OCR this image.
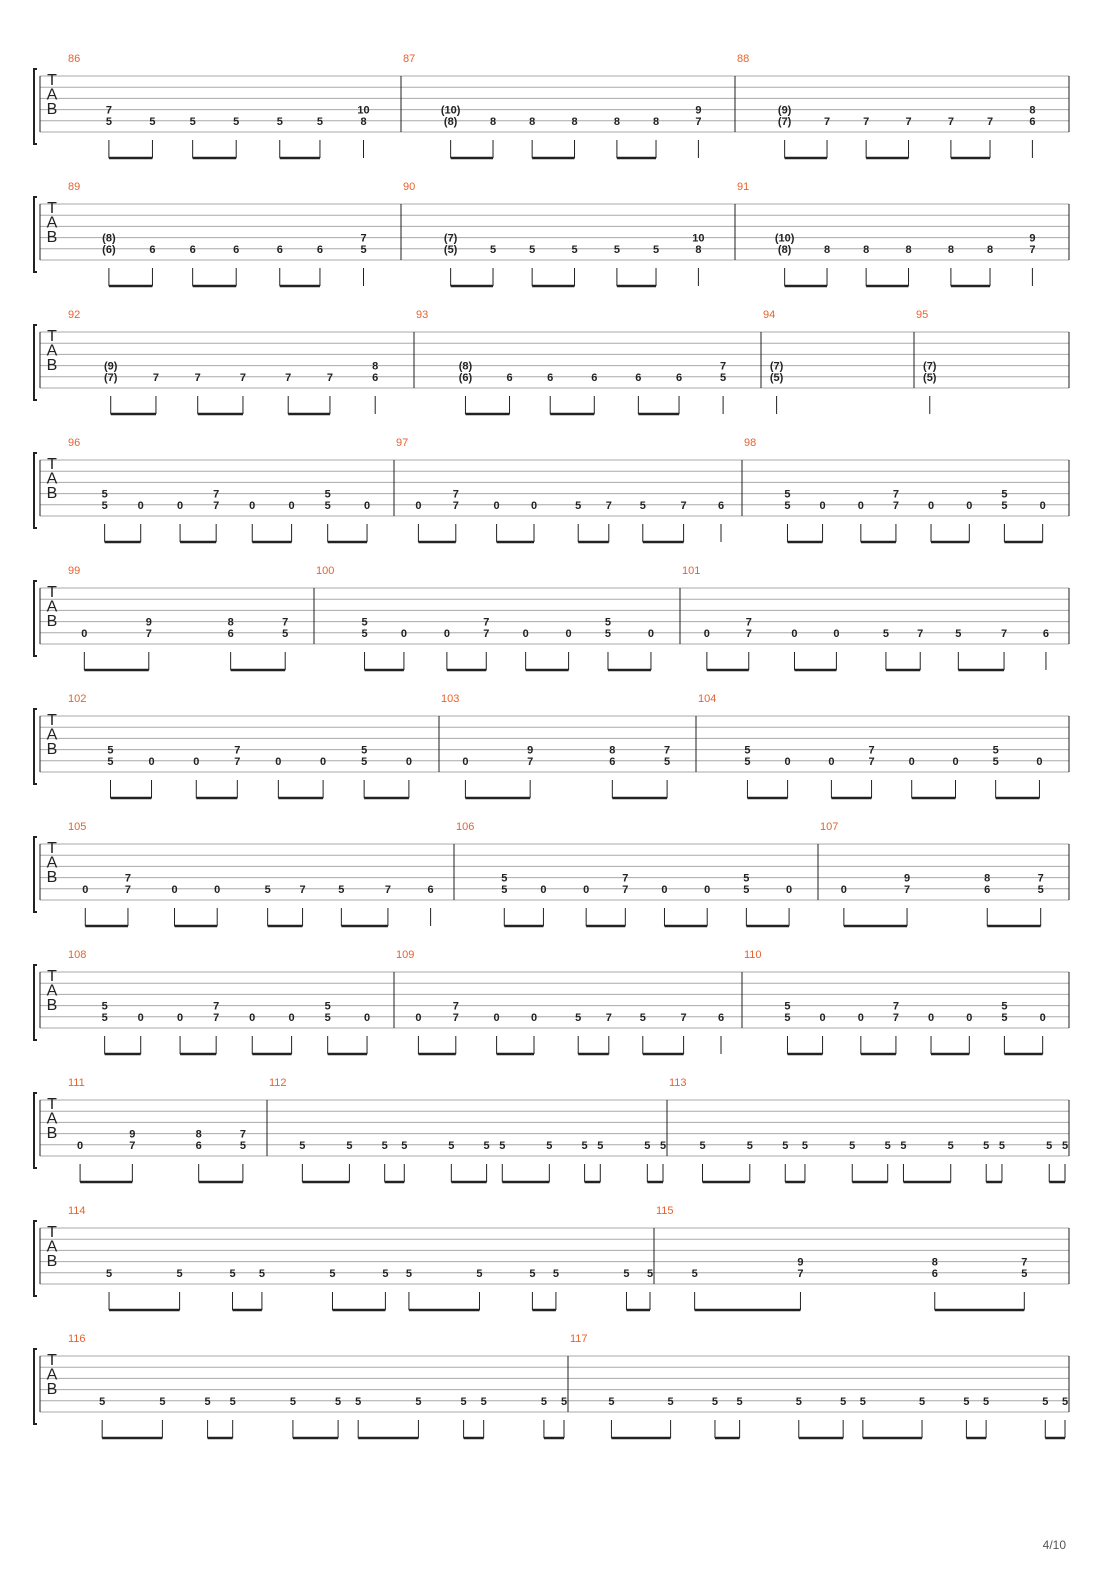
T
A
B
86
7
5	5	5	5	5	5
10
8
87
(10)
(8)	8	8	8	8	8
9
7
88
(9)
(7)	7	7	7	7	7
8
6
T
A
B
89
(8)
(6)	6	6	6	6	6
7
5
90
(7)
(5)	5	5	5	5	5
10
8
91
(10)
(8)	8	8	8	8	8
9
7
T
A
B
92
(9)
(7)	7	7	7	7	7
8
6
93
(8)
(6)	6	6	6	6	6
7
5
94
(7)
(5)
95
(7)
(5)
T
A
B
96
5
5	0	0
7
7	0	0
5
5	0
97
0
7
7	0	0	5 7	5	7	6
98
5
5	0	0
7
7	0	0
5
5	0
T
A
B
99
0
9
7
8
6
7
5
100
5
5	0	0
7
7	0	0
5
5	0
101
0
7
7	0	0	5	7	5	7	6
T
A
B
102
5
5	0	0
7
7	0	0
5
5	0
103
0
9
7
8
6
7
5
104
5
5	0	0
7
7	0	0
5
5	0
T
A
B
105
0
7
7	0	0	5	7	5	7	6
106
5
5	0	0
7
7	0	0
5
5	0
107
0
9
7
8
6
7
5
T
A
B
108
5
5	0	0
7
7	0	0
5
5	0
109
0
7
7	0	0	5 7	5	7	6
110
5
5	0	0
7
7	0	0
5
5	0
T
A
B
111
0
9
7
8
6
7
5
112
5	5	5 5	5	5 5	5	5 5	5 5
113
5	5	5 5	5	5 5	5	5 5	5 5
T
A
B
114
5	5	5 5	5	5 5	5	5 5	5 5
115
5
9
7
8
6
7
5
T
A
B
116
5	5	5 5	5	5 5	5	5 5	5 5
117
5	5	5 5	5	5 5	5	5 5	5 5
4/10
